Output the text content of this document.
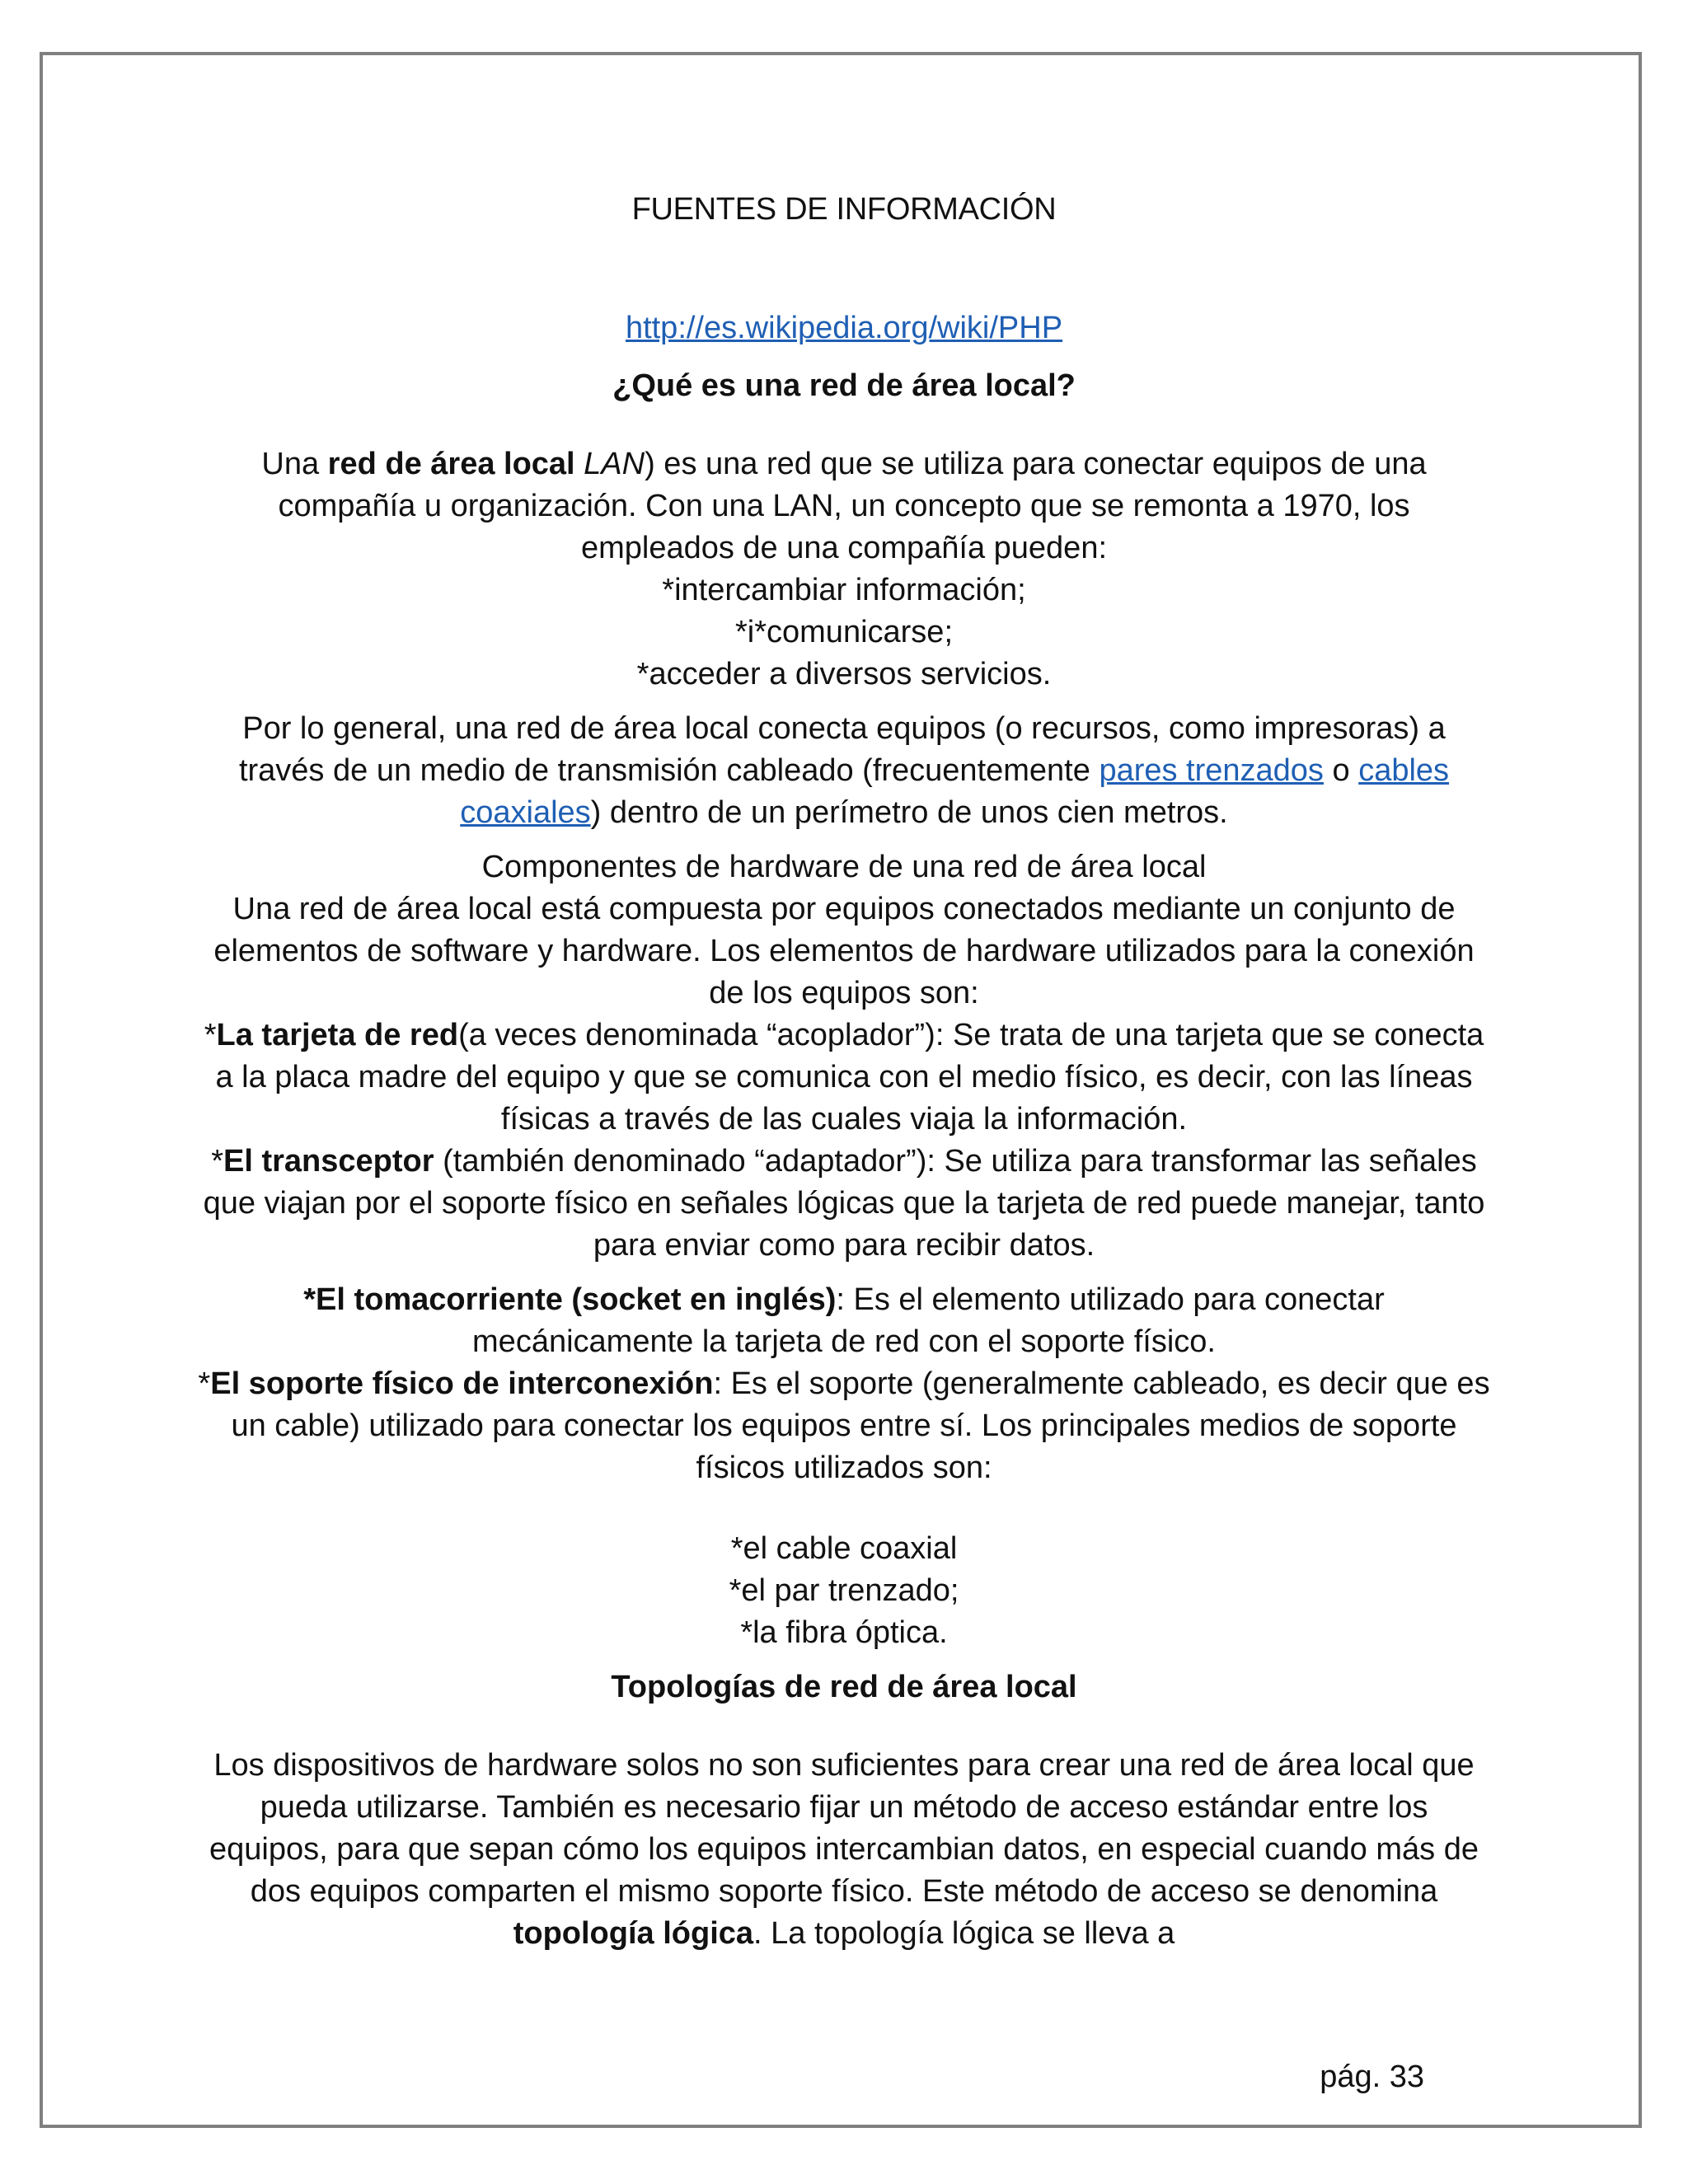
FUENTES DE INFORMACIÓN
http://es.wikipedia.org/wiki/PHP
¿Qué es una red de área local?

Una red de área local LAN) es una red que se utiliza para conectar equipos de una compañía u organización. Con una LAN, un concepto que se remonta a 1970, los empleados de una compañía pueden:

*intercambiar información;
*i*comunicarse;
*acceder a diversos servicios.

Por lo general, una red de área local conecta equipos (o recursos, como impresoras) a través de un medio de transmisión cableado (frecuentemente pares trenzados o cables coaxiales) dentro de un perímetro de unos cien metros.

Componentes de hardware de una red de área local

Una red de área local está compuesta por equipos conectados mediante un conjunto de elementos de software y hardware. Los elementos de hardware utilizados para la conexión de los equipos son:

*La tarjeta de red(a veces denominada “acoplador”): Se trata de una tarjeta que se conecta a la placa madre del equipo y que se comunica con el medio físico, es decir, con las líneas físicas a través de las cuales viaja la información.

*El transceptor (también denominado “adaptador”): Se utiliza para transformar las señales que viajan por el soporte físico en señales lógicas que la tarjeta de red puede manejar, tanto para enviar como para recibir datos.

*El tomacorriente (socket en inglés): Es el elemento utilizado para conectar mecánicamente la tarjeta de red con el soporte físico.

*El soporte físico de interconexión: Es el soporte (generalmente cableado, es decir que es un cable) utilizado para conectar los equipos entre sí. Los principales medios de soporte físicos utilizados son:

*el cable coaxial
*el par trenzado;
*la fibra óptica.
Topologías de red de área local

Los dispositivos de hardware solos no son suficientes para crear una red de área local que pueda utilizarse. También es necesario fijar un método de acceso estándar entre los equipos, para que sepan cómo los equipos intercambian datos, en especial cuando más de dos equipos comparten el mismo soporte físico. Este método de acceso se denomina topología lógica. La topología lógica se lleva a

pág. 33
